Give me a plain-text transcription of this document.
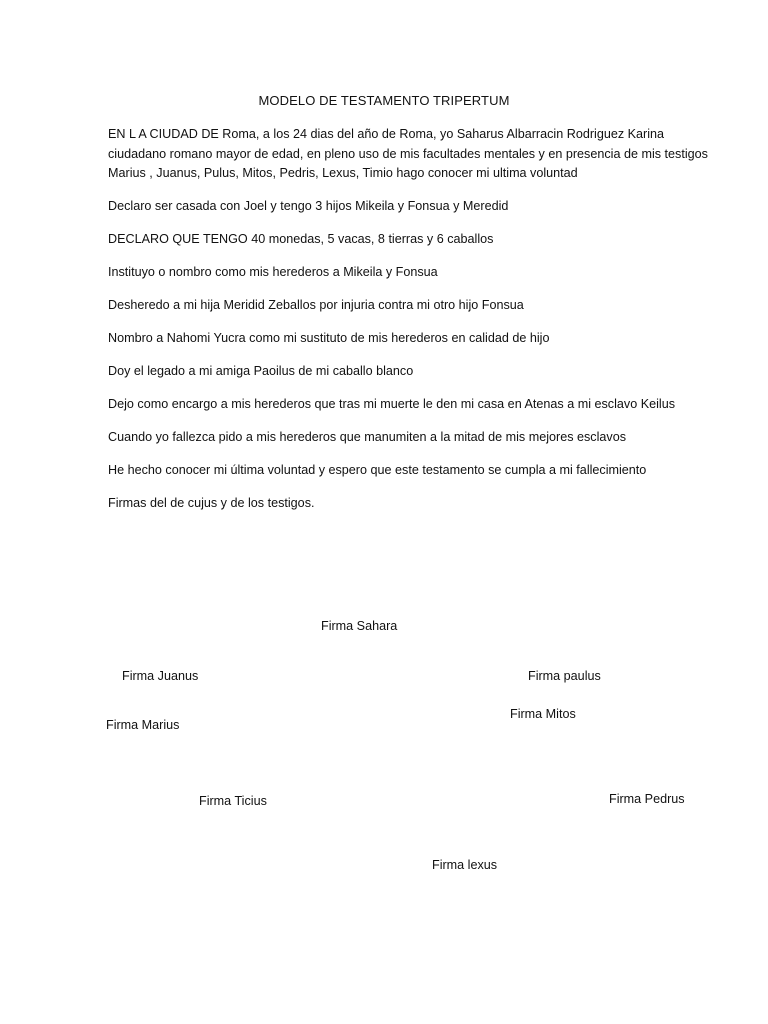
MODELO DE TESTAMENTO TRIPERTUM

EN L A CIUDAD DE Roma, a los 24 dias del año de Roma, yo Saharus Albarracin Rodriguez Karina ciudadano romano mayor de edad, en pleno uso de mis facultades mentales y en presencia de mis testigos Marius , Juanus, Pulus, Mitos, Pedris, Lexus, Timio hago conocer mi ultima voluntad

Declaro ser casada con Joel y tengo 3 hijos Mikeila y Fonsua y Meredid

DECLARO QUE TENGO 40 monedas, 5 vacas, 8 tierras y 6 caballos

Instituyo o nombro como mis herederos a Mikeila y Fonsua

Desheredo a mi hija Meridid Zeballos por injuria contra mi otro hijo Fonsua

Nombro a Nahomi Yucra como mi sustituto de mis herederos en calidad de hijo

Doy el legado a mi amiga Paoilus de mi caballo blanco

Dejo como encargo a mis herederos que tras mi muerte le den mi casa en Atenas a mi esclavo Keilus

Cuando yo fallezca pido a mis herederos que manumiten a la mitad de mis mejores esclavos

He hecho conocer mi última voluntad y espero que este testamento se cumpla a mi fallecimiento

Firmas del de cujus y de los testigos.

Firma Sahara
Firma Juanus	Firma paulus
Firma Mitos
Firma Marius
Firma Ticius	Firma Pedrus
Firma lexus
